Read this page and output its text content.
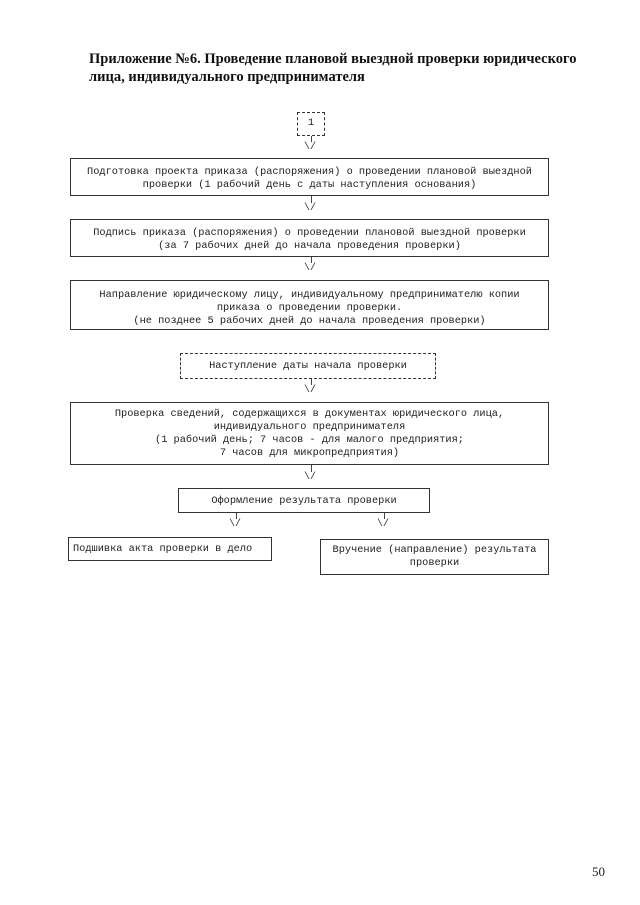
Приложение №6. Проведение плановой выездной проверки юридического
лица, индивидуального предпринимателя
1
\/
Подготовка проекта приказа (распоряжения) о проведении плановой выездной
проверки (1 рабочий день с даты наступления основания)
\/
Подпись приказа (распоряжения) о проведении плановой выездной проверки
(за 7 рабочих дней до начала проведения проверки)
\/
Направление юридическому лицу, индивидуальному предпринимателю копии
приказа о проведении проверки.
(не позднее 5 рабочих дней до начала проведения проверки)
Наступление даты начала проверки
\/
Проверка сведений, содержащихся в документах юридического лица,
индивидуального предпринимателя
(1 рабочий день; 7 часов - для малого предприятия;
7 часов для микропредприятия)
\/
Оформление результата проверки
\/	\/
Подшивка акта проверки в дело	Вручение (направление) результата
проверки
50
